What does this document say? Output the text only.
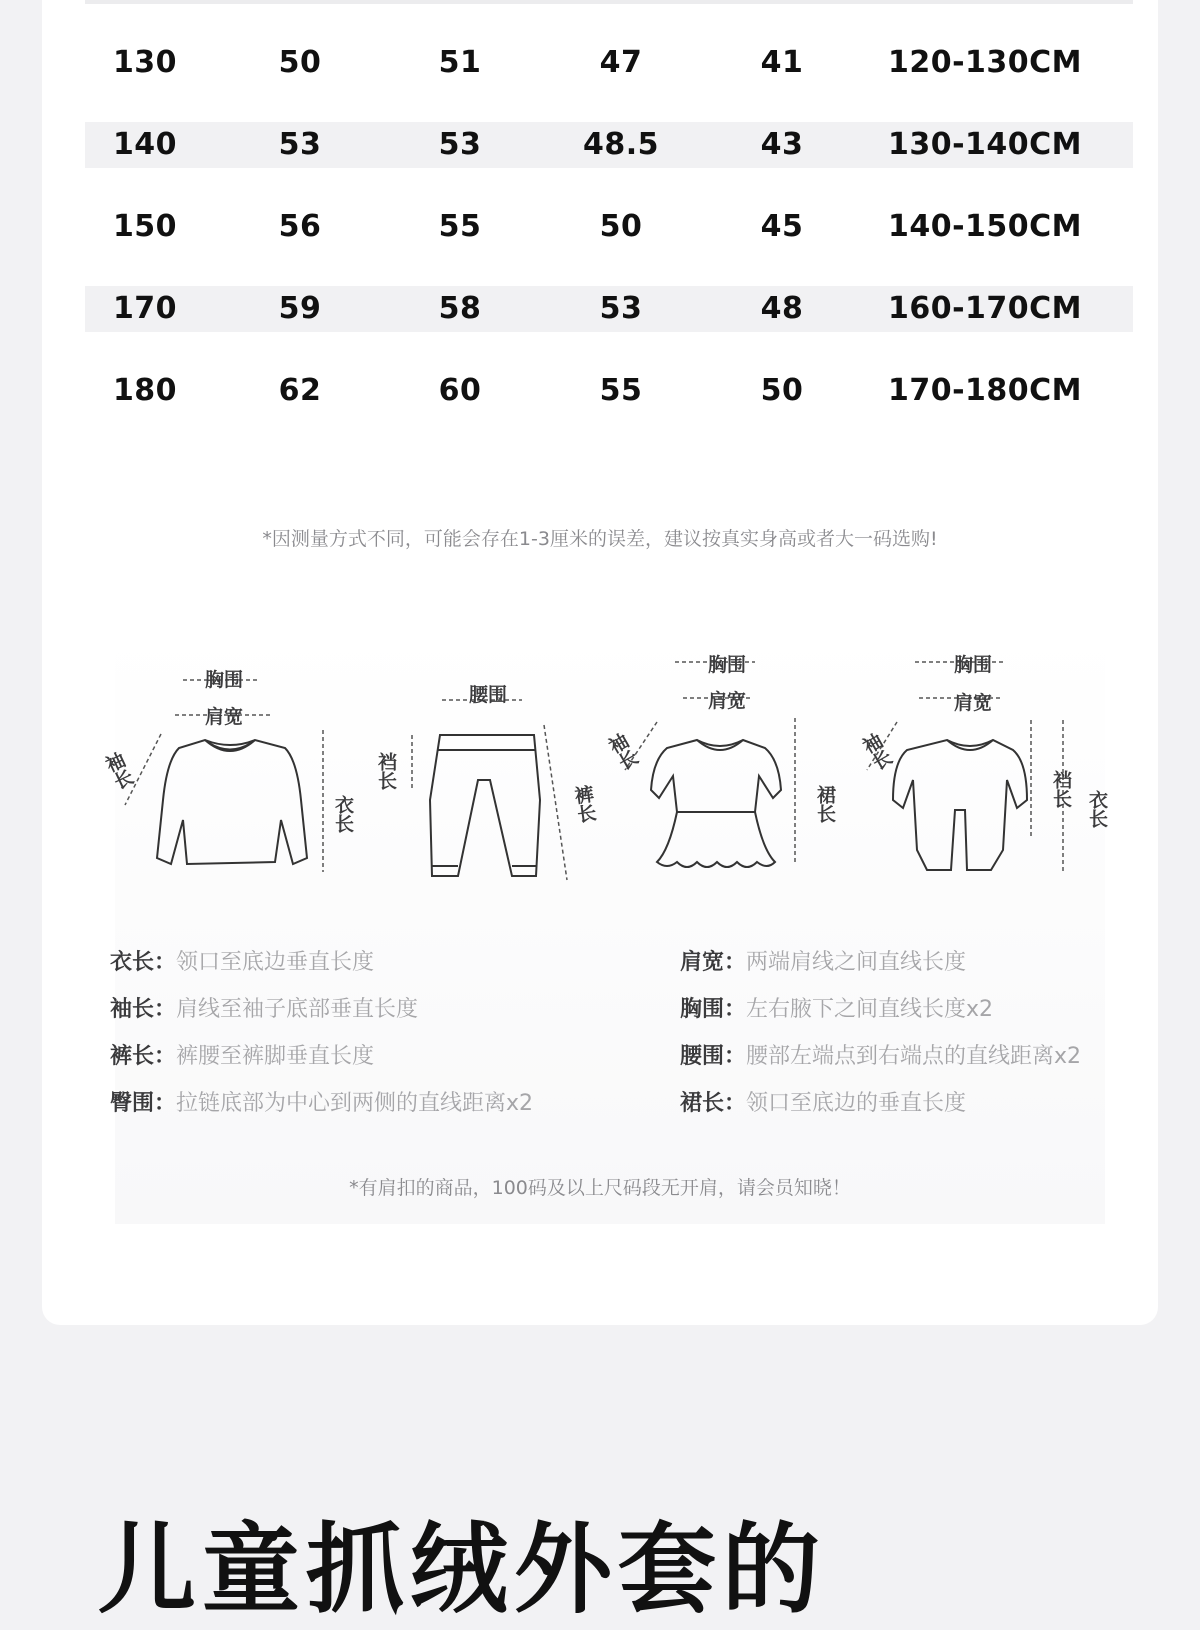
130	50	51	47	41	120-130CM
140	53	53	48.5	43	130-140CM
150	56	55	50	45	140-150CM
170	59	58	53	48	160-170CM
180	62	60	55	50	170-180CM
*因测量方式不同，可能会存在1-3厘米的误差，建议按真实身高或者大一码选购!
胸围
肩宽
袖长
衣长
腰围
裆长
裤长
胸围
肩宽
袖长
裙长
胸围
肩宽
袖长
裆长
衣长
衣长：领口至底边垂直长度
袖长：肩线至袖子底部垂直长度
裤长：裤腰至裤脚垂直长度
臀围：拉链底部为中心到两侧的直线距离x2
肩宽：两端肩线之间直线长度
胸围：左右腋下之间直线长度x2
腰围：腰部左端点到右端点的直线距离x2
裙长：领口至底边的垂直长度
*有肩扣的商品，100码及以上尺码段无开肩，请会员知晓！
儿童抓绒外套的
